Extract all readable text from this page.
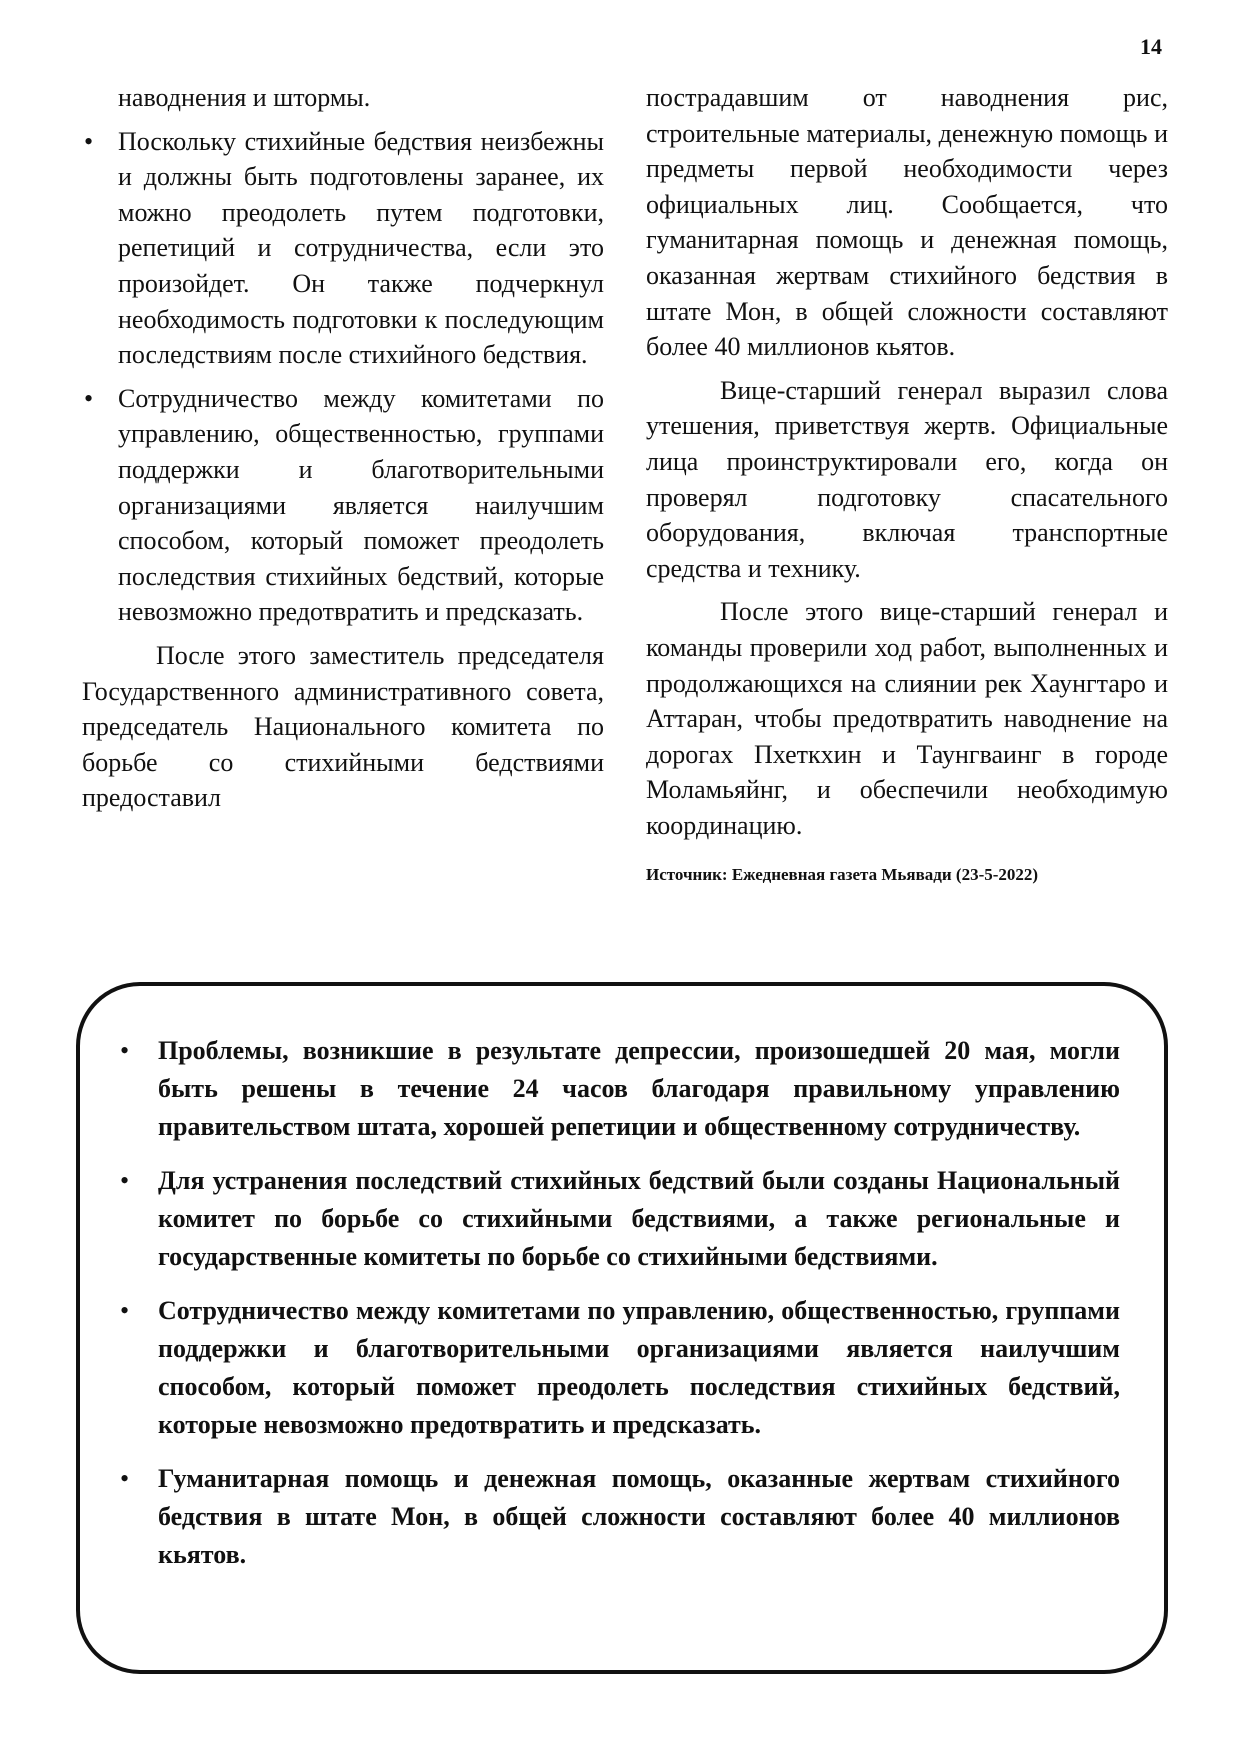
14

наводнения и штормы.

• Поскольку стихийные бедствия неизбежны и должны быть подготовлены заранее, их можно преодолеть путем подготовки, репетиций и сотрудничества, если это произойдет. Он также подчеркнул необходимость подготовки к последующим последствиям после стихийного бедствия.
• Сотрудничество между комитетами по управлению, общественностью, группами поддержки и благотворительными организациями является наилучшим способом, который поможет преодолеть последствия стихийных бедствий, которые невозможно предотвратить и предсказать.

После этого заместитель председателя Государственного административного совета, председатель Национального комитета по борьбе со стихийными бедствиями предоставил

пострадавшим от наводнения рис, строительные материалы, денежную помощь и предметы первой необходимости через официальных лиц. Сообщается, что гуманитарная помощь и денежная помощь, оказанная жертвам стихийного бедствия в штате Мон, в общей сложности составляют более 40 миллионов кьятов.

Вице-старший генерал выразил слова утешения, приветствуя жертв. Официальные лица проинструктировали его, когда он проверял подготовку спасательного оборудования, включая транспортные средства и технику.

После этого вице-старший генерал и команды проверили ход работ, выполненных и продолжающихся на слиянии рек Хаунгтаро и Аттаран, чтобы предотвратить наводнение на дорогах Пхеткхин и Таунгваинг в городе Моламьяйнг, и обеспечили необходимую координацию.

Источник: Ежедневная газета Мьявади (23-5-2022)

• Проблемы, возникшие в результате депрессии, произошедшей 20 мая, могли быть решены в течение 24 часов благодаря правильному управлению правительством штата, хорошей репетиции и общественному сотрудничеству.
• Для устранения последствий стихийных бедствий были созданы Национальный комитет по борьбе со стихийными бедствиями, а также региональные и государственные комитеты по борьбе со стихийными бедствиями.
• Сотрудничество между комитетами по управлению, общественностью, группами поддержки и благотворительными организациями является наилучшим способом, который поможет преодолеть последствия стихийных бедствий, которые невозможно предотвратить и предсказать.
• Гуманитарная помощь и денежная помощь, оказанные жертвам стихийного бедствия в штате Мон, в общей сложности составляют более 40 миллионов кьятов.
